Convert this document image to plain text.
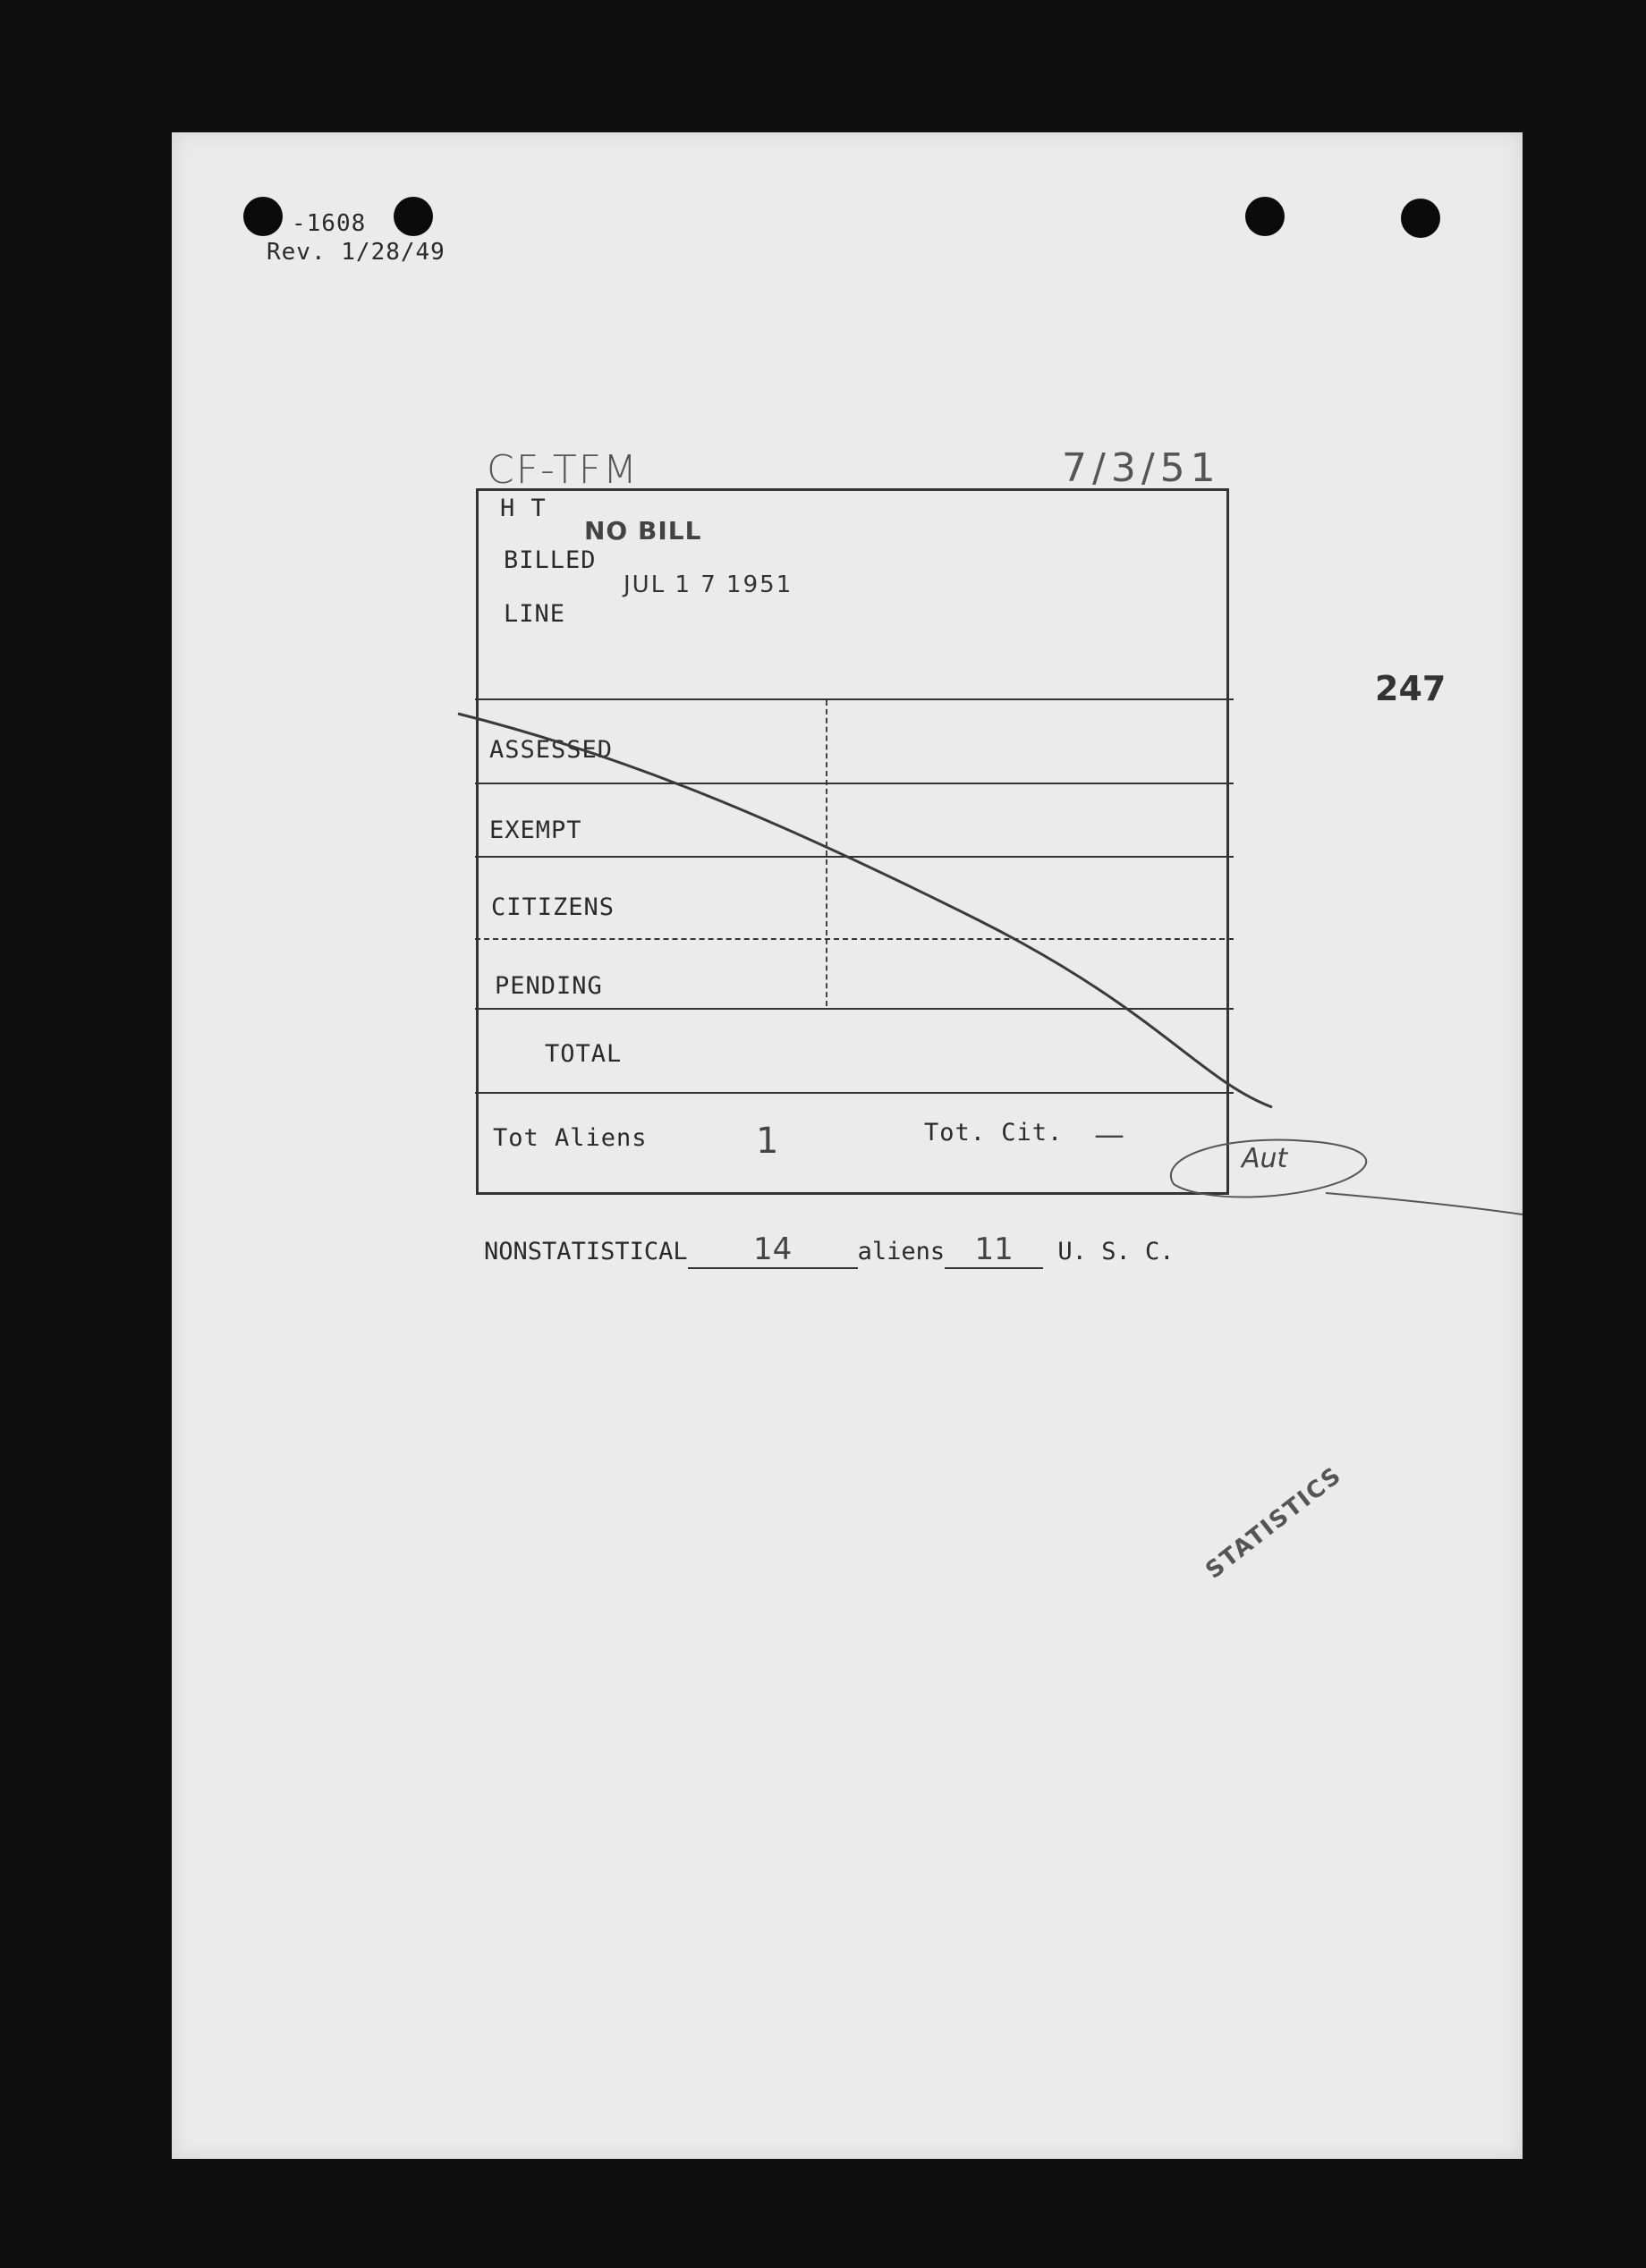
-1608
Rev. 1/28/49
CF-TFM	7/3/51
247
H T
NO BILL
BILLED
JUL 1 7 1951
LINE
ASSESSED
EXEMPT
CITIZENS
PENDING
TOTAL
Tot Aliens	1	Tot. Cit. —
Aut

NONSTATISTICAL 14	aliens 11 U. S. C.

STATISTICS
